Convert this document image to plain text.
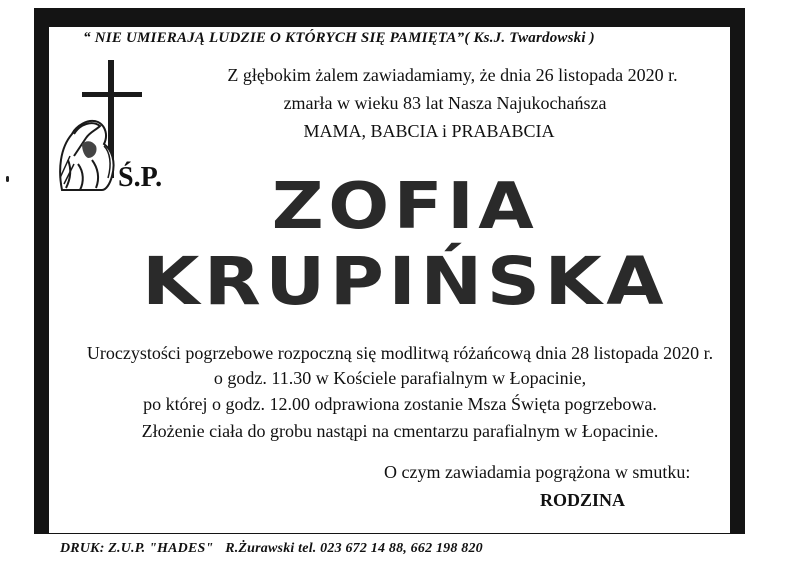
“ NIE UMIERAJĄ LUDZIE O KTÓRYCH SIĘ PAMIĘTA”( Ks.J. Twardowski )
Z głębokim żalem zawiadamiamy, że dnia 26 listopada 2020 r.
zmarła w wieku 83 lat Nasza Najukochańsza
MAMA, BABCIA i PRABABCIA
Ś.P.	ZOFIA
KRUPIŃSKA
Uroczystości pogrzebowe rozpoczną się modlitwą różańcową dnia 28 listopada 2020 r.
o godz. 11.30 w Kościele parafialnym w Łopacinie,
po której o godz. 12.00 odprawiona zostanie Msza Święta pogrzebowa.
Złożenie ciała do grobu nastąpi na cmentarzu parafialnym w Łopacinie.
O czym zawiadamia pogrążona w smutku:
RODZINA
DRUK: Z.U.P. "HADES" R.Żurawski tel. 023 672 14 88, 662 198 820
